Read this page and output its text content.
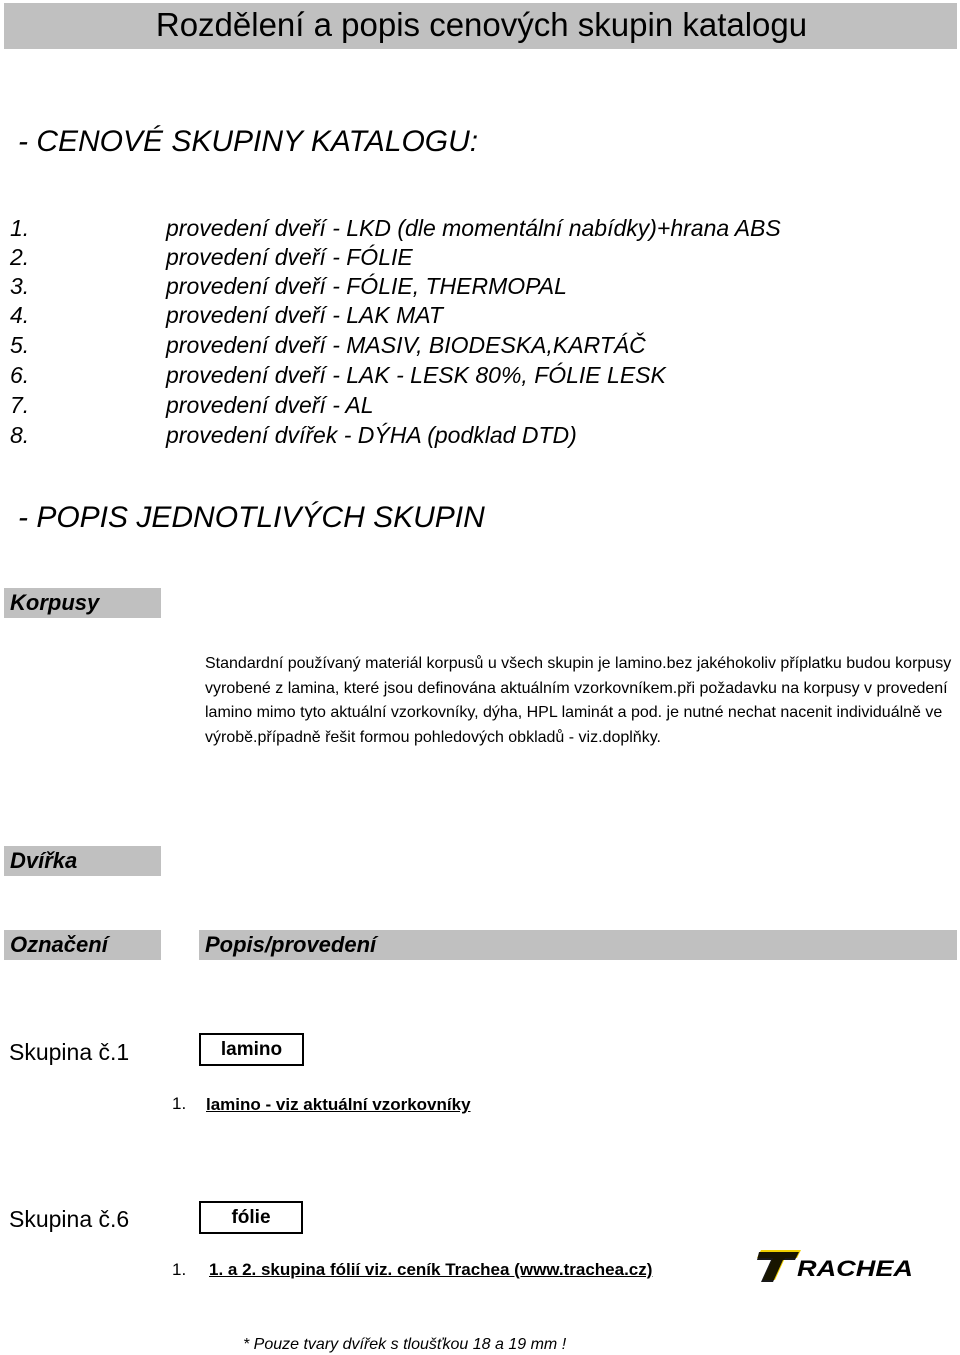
Rozdělení a popis cenových skupin katalogu
- CENOVÉ SKUPINY KATALOGU:
1.	provedení dveří - LKD (dle momentální nabídky)+hrana ABS
2.	provedení dveří - FÓLIE
3.	provedení dveří - FÓLIE, THERMOPAL
4.	provedení dveří - LAK MAT
5.	provedení dveří - MASIV, BIODESKA,KARTÁČ
6.	provedení dveří - LAK - LESK 80%, FÓLIE LESK
7.	provedení dveří - AL
8.	provedení dvířek - DÝHA (podklad DTD)
- POPIS JEDNOTLIVÝCH SKUPIN
Korpusy
Standardní používaný materiál korpusů u všech skupin je lamino.bez jakéhokoliv příplatku budou korpusy vyrobené z lamina, které jsou definována aktuálním vzorkovníkem.při požadavku na korpusy v provedení lamino mimo tyto aktuální vzorkovníky, dýha, HPL laminát a pod. je nutné nechat nacenit individuálně ve výrobě.případně řešit formou pohledových obkladů - viz.doplňky.
Dvířka
Označení	Popis/provedení
Skupina č.1	lamino
1. lamino - viz aktuální vzorkovníky
Skupina č.6	fólie
1. 1. a 2. skupina fólií viz. ceník Trachea (www.trachea.cz)	RACHEA
* Pouze tvary dvířek s tloušťkou 18 a 19 mm !
